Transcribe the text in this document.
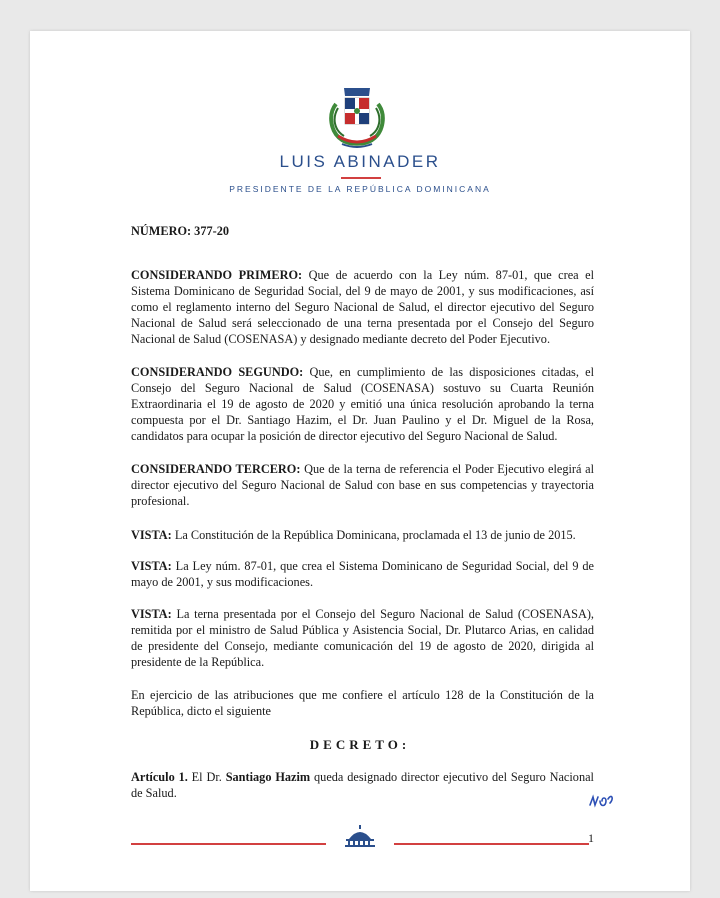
LUIS ABINADER
PRESIDENTE DE LA REPÚBLICA DOMINICANA
NÚMERO: 377-20
CONSIDERANDO PRIMERO: Que de acuerdo con la Ley núm. 87-01, que crea el Sistema Dominicano de Seguridad Social, del 9 de mayo de 2001, y sus modificaciones, así como el reglamento interno del Seguro Nacional de Salud, el director ejecutivo del Seguro Nacional de Salud será seleccionado de una terna presentada por el Consejo del Seguro Nacional de Salud (COSENASA) y designado mediante decreto del Poder Ejecutivo.
CONSIDERANDO SEGUNDO: Que, en cumplimiento de las disposiciones citadas, el Consejo del Seguro Nacional de Salud (COSENASA) sostuvo su Cuarta Reunión Extraordinaria el 19 de agosto de 2020 y emitió una única resolución aprobando la terna compuesta por el Dr. Santiago Hazim, el Dr. Juan Paulino y el Dr. Miguel de la Rosa, candidatos para ocupar la posición de director ejecutivo del Seguro Nacional de Salud.
CONSIDERANDO TERCERO: Que de la terna de referencia el Poder Ejecutivo elegirá al director ejecutivo del Seguro Nacional de Salud con base en sus competencias y trayectoria profesional.
VISTA: La Constitución de la República Dominicana, proclamada el 13 de junio de 2015.
VISTA: La Ley núm. 87-01, que crea el Sistema Dominicano de Seguridad Social, del 9 de mayo de 2001, y sus modificaciones.
VISTA: La terna presentada por el Consejo del Seguro Nacional de Salud (COSENASA), remitida por el ministro de Salud Pública y Asistencia Social, Dr. Plutarco Arias, en calidad de presidente del Consejo, mediante comunicación del 19 de agosto de 2020, dirigida al presidente de la República.
En ejercicio de las atribuciones que me confiere el artículo 128 de la Constitución de la República, dicto el siguiente
DECRETO:
Artículo 1. El Dr. Santiago Hazim queda designado director ejecutivo del Seguro Nacional de Salud.
1
